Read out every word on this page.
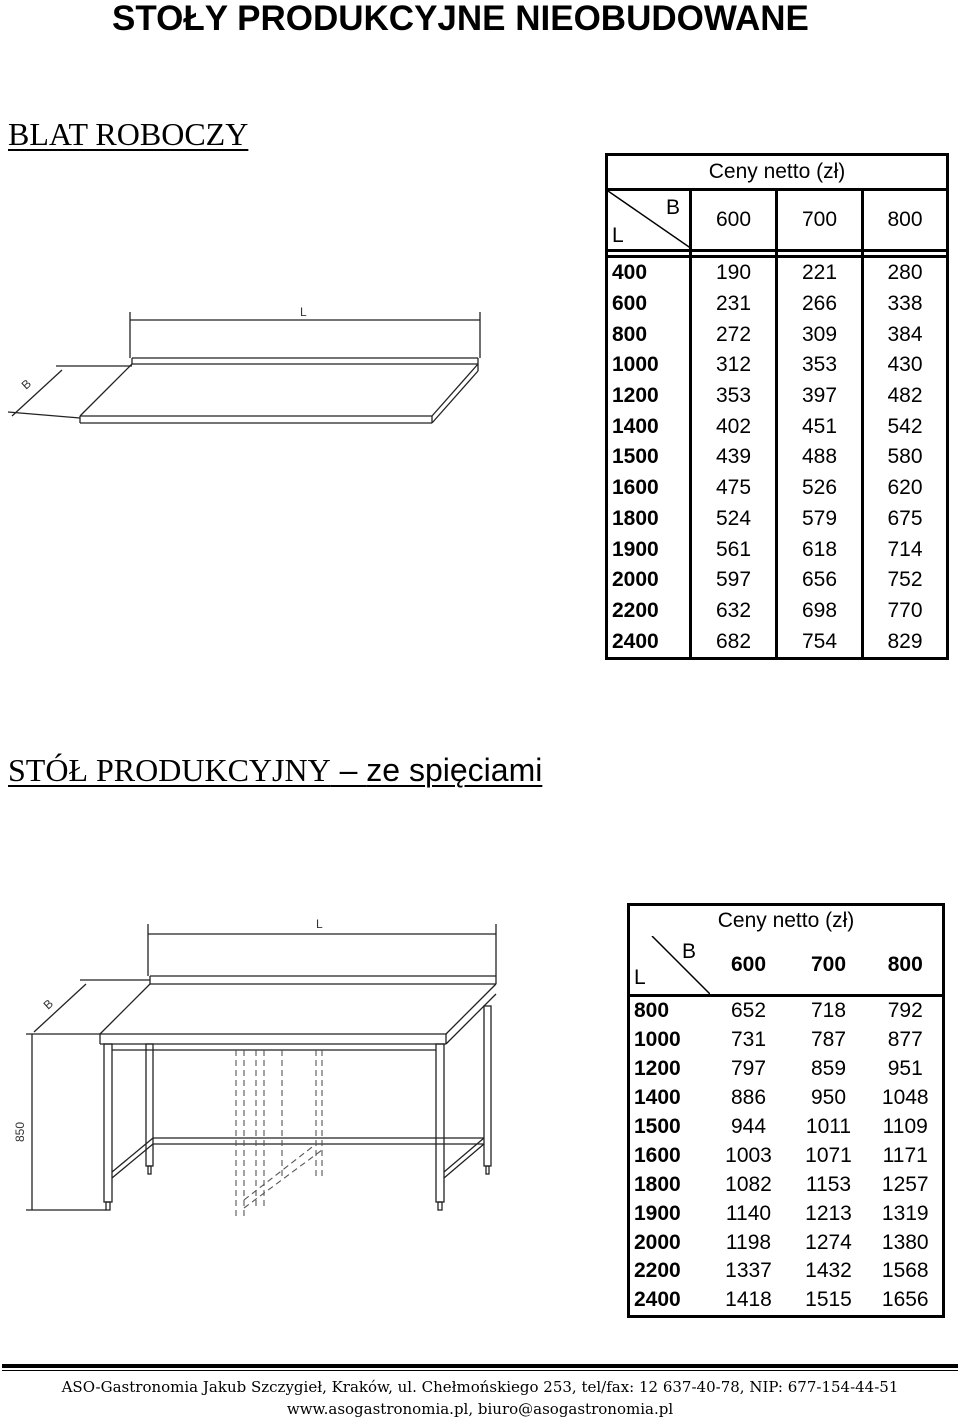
STOŁY PRODUKCYJNE NIEOBUDOWANE
BLAT ROBOCZY
L
B
Ceny netto (zł)			

L
B	600	700	800

400	190	221	280
600	231	266	338
800	272	309	384
1000	312	353	430
1200	353	397	482
1400	402	451	542
1500	439	488	580
1600	475	526	620
1800	524	579	675
1900	561	618	714
2000	597	656	752
2200	632	698	770
2400	682	754	829
STÓŁ PRODUKCYJNY – ze spięciami
L
B
850
Ceny netto (zł)			

L
B	600	700	800
800	652	718	792
1000	731	787	877
1200	797	859	951
1400	886	950	1048
1500	944	1011	1109
1600	1003	1071	1171
1800	1082	1153	1257
1900	1140	1213	1319
2000	1198	1274	1380
2200	1337	1432	1568
2400	1418	1515	1656
ASO-Gastronomia Jakub Szczygieł, Kraków, ul. Chełmońskiego 253, tel/fax: 12 637-40-78, NIP: 677-154-44-51
www.asogastronomia.pl, biuro@asogastronomia.pl
